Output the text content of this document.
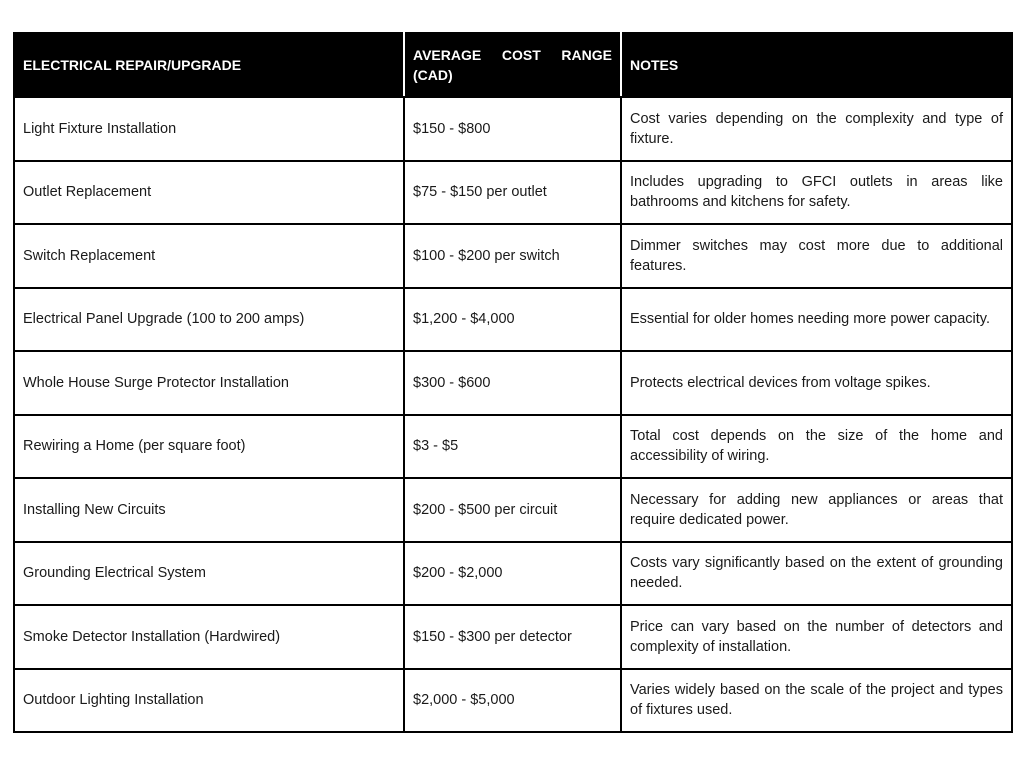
ELECTRICAL REPAIR/UPGRADE	AVERAGE COST RANGE (CAD)	NOTES
Light Fixture Installation	$150 - $800	Cost varies depending on the complexity and type of fixture.
Outlet Replacement	$75 - $150 per outlet	Includes upgrading to GFCI outlets in areas like bathrooms and kitchens for safety.
Switch Replacement	$100 - $200 per switch	Dimmer switches may cost more due to additional features.
Electrical Panel Upgrade (100 to 200 amps)	$1,200 - $4,000	Essential for older homes needing more power capacity.
Whole House Surge Protector Installation	$300 - $600	Protects electrical devices from voltage spikes.
Rewiring a Home (per square foot)	$3 - $5	Total cost depends on the size of the home and accessibility of wiring.
Installing New Circuits	$200 - $500 per circuit	Necessary for adding new appliances or areas that require dedicated power.
Grounding Electrical System	$200 - $2,000	Costs vary significantly based on the extent of grounding needed.
Smoke Detector Installation (Hardwired)	$150 - $300 per detector	Price can vary based on the number of detectors and complexity of installation.
Outdoor Lighting Installation	$2,000 - $5,000	Varies widely based on the scale of the project and types of fixtures used.
